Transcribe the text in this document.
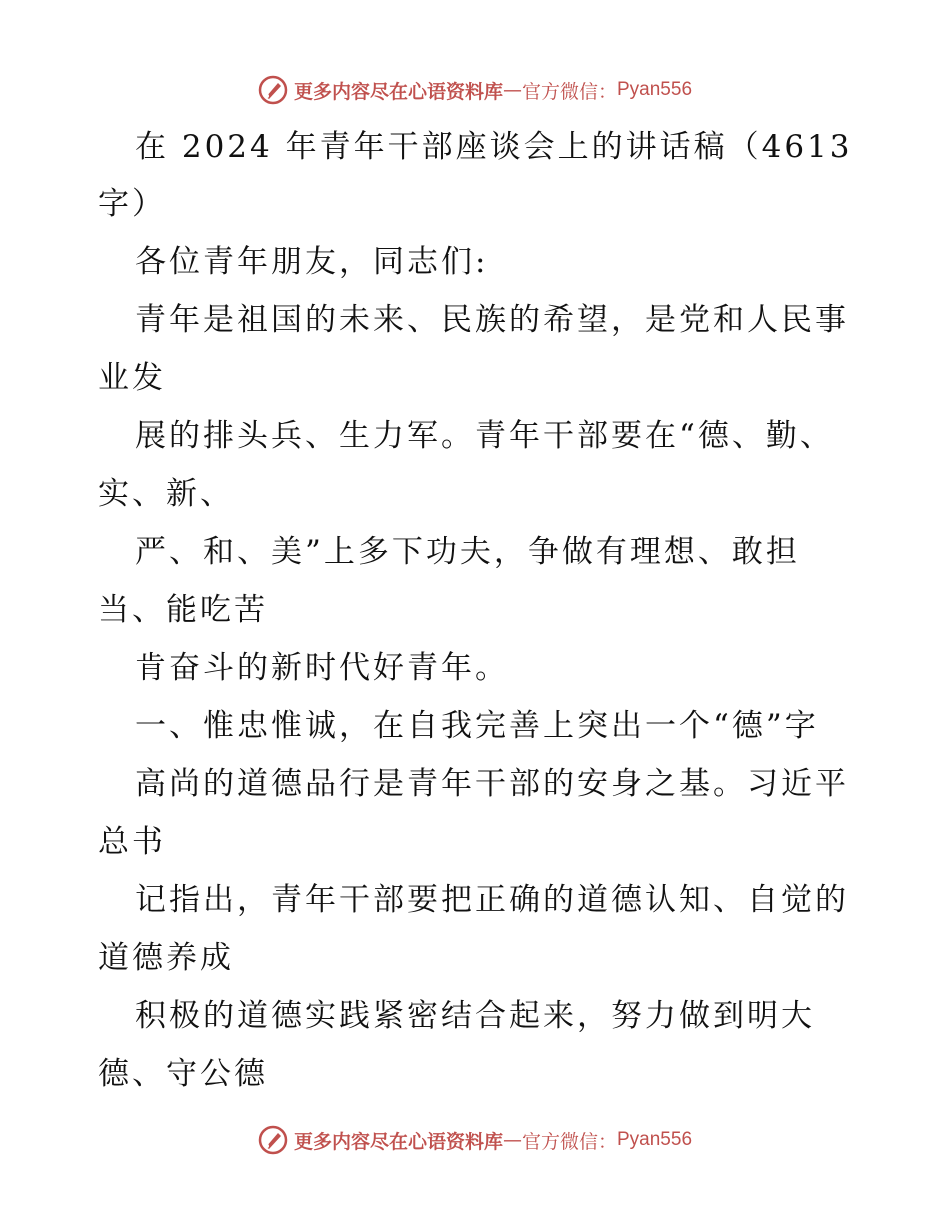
更多内容尽在心语资料库 — 官方微信： Pyan556
在 2024 年青年干部座谈会上的讲话稿（4613
字）
各位青年朋友，同志们:
青年是祖国的未来、民族的希望，是党和人民事
业发
展的排头兵、生力军。青年干部要在“德、勤、
实、新、
严、和、美”上多下功夫，争做有理想、敢担
当、能吃苦
肯奋斗的新时代好青年。
一、惟忠惟诚，在自我完善上突出一个“德”字
高尚的道德品行是青年干部的安身之基。习近平
总书
记指出，青年干部要把正确的道德认知、自觉的
道德养成
积极的道德实践紧密结合起来，努力做到明大
德、守公德
更多内容尽在心语资料库 — 官方微信： Pyan556
